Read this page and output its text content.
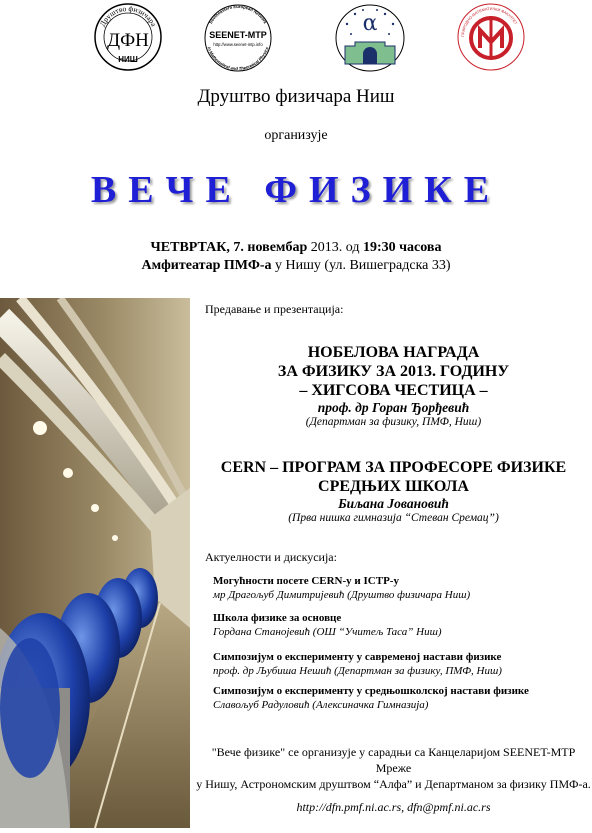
Друштво физичара
ДФН
НИШ
Southeastern European Network
in Mathematical and Theoretical Physics
SEENET-MTP
http://www.seenet-mtp.info
α	ПРИРОДНО-МАТЕМАТИЧКИ ФАКУЛТЕТ
Друштво физичара Ниш
организује
ВЕЧЕ ФИЗИКЕ
ЧЕТВРТАК, 7. новембар 2013. од 19:30 часова
Амфитеатар ПМФ-а у Нишу (ул. Вишеградска 33)
Предавање и презентација:
НОБЕЛОВА НАГРАДА
ЗА ФИЗИКУ ЗА 2013. ГОДИНУ
– ХИГСОВА ЧЕСТИЦА –
проф. др Горан Ђорђевић
(Департман за физику, ПМФ, Ниш)
CERN – ПРОГРАМ ЗА ПРОФЕСОРЕ ФИЗИКЕ
СРЕДЊИХ ШКОЛА
Биљана Јовановић
(Прва нишка гимназија “Стеван Сремац”)
Актуелности и дискусија:
Могућности посете CERN-у и ICTP-у
мр Драгољуб Димитријевић (Друштво физичара Ниш)
Школа физике за основце
Гордана Станојевић (ОШ “Учитељ Таса” Ниш)
Симпозијум о експерименту у савременој настави физике
проф. др Љубиша Нешић (Департман за физику, ПМФ, Ниш)
Симпозијум о експерименту у средњошколској настави физике
Славољуб Радуловић (Алексиначка Гимназија)
"Вече физике" се организује у сарадњи са Канцеларијом SEENET-MTP Мреже
у Нишу, Астрономским друштвом “Алфа” и Департманом за физику ПМФ-а.
http://dfn.pmf.ni.ac.rs, dfn@pmf.ni.ac.rs
